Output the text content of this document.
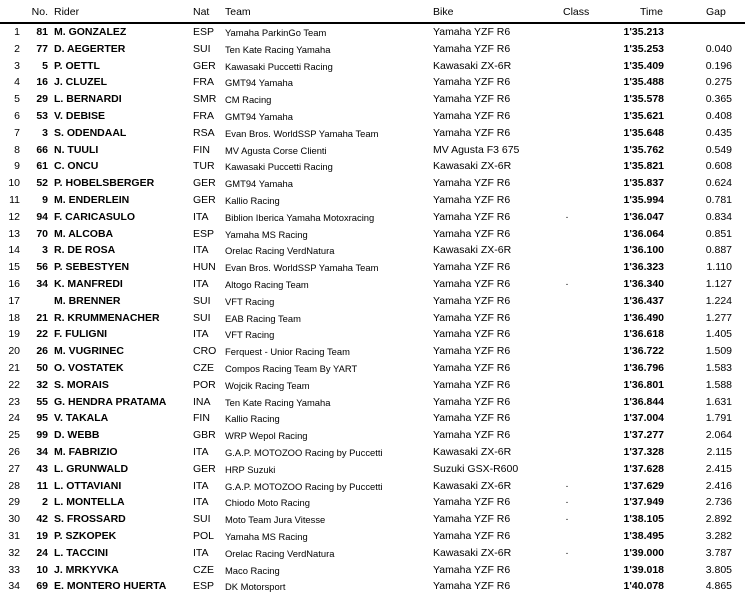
No. Rider	Nat Team	Bike	Class	Time	Gap
1	81 M. GONZALEZ	ESP Yamaha ParkinGo Team	Yamaha YZF R6	1'35.213
2	77 D. AEGERTER	SUI Ten Kate Racing Yamaha	Yamaha YZF R6	1'35.253	0.040
3	5 P. OETTL	GER Kawasaki Puccetti Racing	Kawasaki ZX-6R	1'35.409	0.196
4	16 J. CLUZEL	FRA GMT94 Yamaha	Yamaha YZF R6	1'35.488	0.275
5	29 L. BERNARDI	SMR CM Racing	Yamaha YZF R6	1'35.578	0.365
6	53 V. DEBISE	FRA GMT94 Yamaha	Yamaha YZF R6	1'35.621	0.408
7	3 S. ODENDAAL	RSA Evan Bros. WorldSSP Yamaha Team	Yamaha YZF R6	1'35.648	0.435
8	66 N. TUULI	FIN MV Agusta Corse Clienti	MV Agusta F3 675	1'35.762	0.549
9	61 C. ONCU	TUR Kawasaki Puccetti Racing	Kawasaki ZX-6R	1'35.821	0.608
10	52 P. HOBELSBERGER	GER GMT94 Yamaha	Yamaha YZF R6	1'35.837	0.624
11	9 M. ENDERLEIN	GER Kallio Racing	Yamaha YZF R6	1'35.994	0.781
12	94 F. CARICASULO	ITA Biblion Iberica Yamaha Motoxracing	Yamaha YZF R6	·	1'36.047	0.834
13	70 M. ALCOBA	ESP Yamaha MS Racing	Yamaha YZF R6	1'36.064	0.851
14	3 R. DE ROSA	ITA Orelac Racing VerdNatura	Kawasaki ZX-6R	1'36.100	0.887
15	56 P. SEBESTYEN	HUN Evan Bros. WorldSSP Yamaha Team	Yamaha YZF R6	1'36.323	1.110
16	34 K. MANFREDI	ITA Altogo Racing Team	Yamaha YZF R6	·	1'36.340	1.127
17	M. BRENNER	SUI VFT Racing	Yamaha YZF R6	1'36.437	1.224
18	21 R. KRUMMENACHER	SUI EAB Racing Team	Yamaha YZF R6	1'36.490	1.277
19	22 F. FULIGNI	ITA VFT Racing	Yamaha YZF R6	1'36.618	1.405
20	26 M. VUGRINEC	CRO Ferquest - Unior Racing Team	Yamaha YZF R6	1'36.722	1.509
21	50 O. VOSTATEK	CZE Compos Racing Team By YART	Yamaha YZF R6	1'36.796	1.583
22	32 S. MORAIS	POR Wojcik Racing Team	Yamaha YZF R6	1'36.801	1.588
23	55 G. HENDRA PRATAMA	INA Ten Kate Racing Yamaha	Yamaha YZF R6	1'36.844	1.631
24	95 V. TAKALA	FIN Kallio Racing	Yamaha YZF R6	1'37.004	1.791
25	99 D. WEBB	GBR WRP Wepol Racing	Yamaha YZF R6	1'37.277	2.064
26	34 M. FABRIZIO	ITA G.A.P. MOTOZOO Racing by Puccetti	Kawasaki ZX-6R	1'37.328	2.115
27	43 L. GRUNWALD	GER HRP Suzuki	Suzuki GSX-R600	1'37.628	2.415
28	11 L. OTTAVIANI	ITA G.A.P. MOTOZOO Racing by Puccetti	Kawasaki ZX-6R	·	1'37.629	2.416
29	2 L. MONTELLA	ITA Chiodo Moto Racing	Yamaha YZF R6	·	1'37.949	2.736
30	42 S. FROSSARD	SUI Moto Team Jura Vitesse	Yamaha YZF R6	·	1'38.105	2.892
31	19 P. SZKOPEK	POL Yamaha MS Racing	Yamaha YZF R6	1'38.495	3.282
32	24 L. TACCINI	ITA Orelac Racing VerdNatura	Kawasaki ZX-6R	·	1'39.000	3.787
33	10 J. MRKYVKA	CZE Maco Racing	Yamaha YZF R6	1'39.018	3.805
34	69 E. MONTERO HUERTA	ESP DK Motorsport	Yamaha YZF R6	1'40.078	4.865
